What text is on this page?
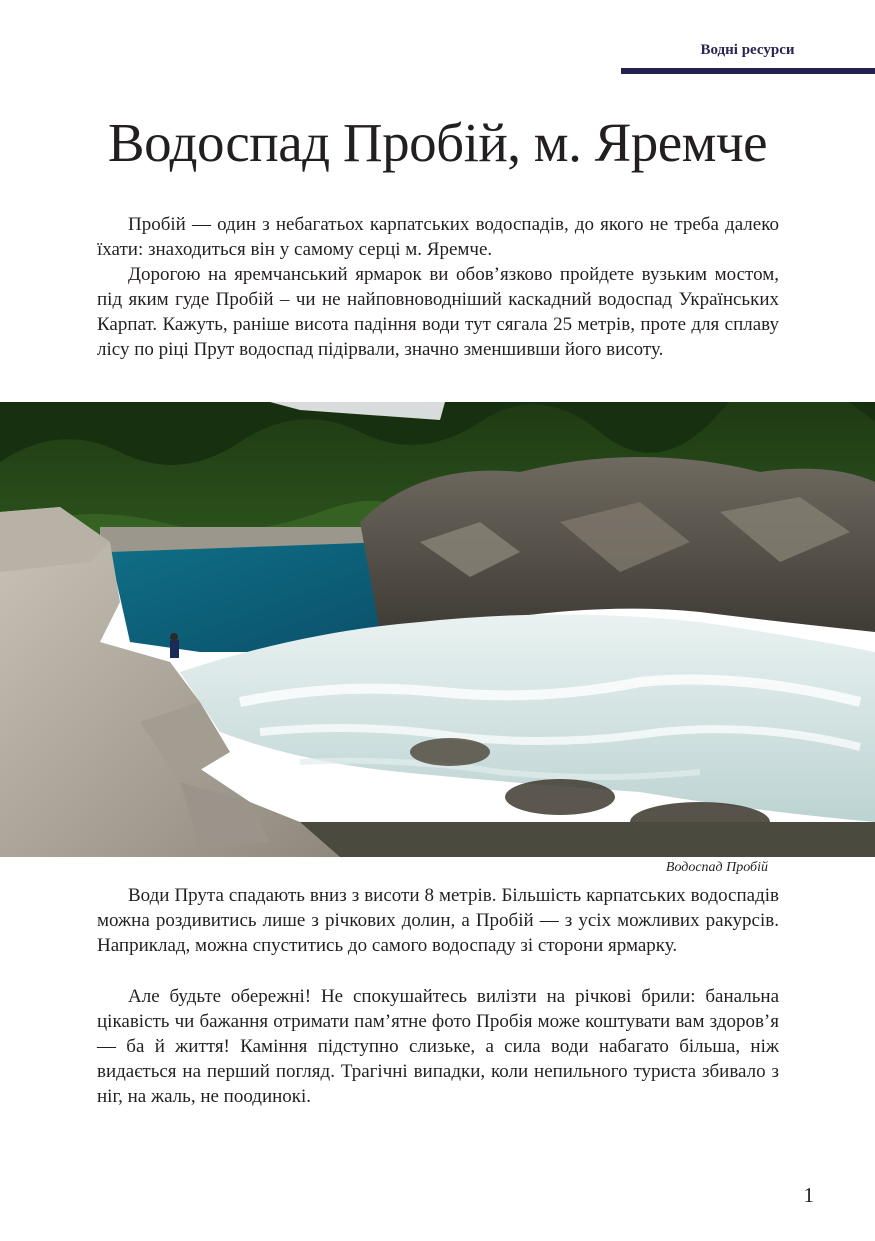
Водні ресурси
Водоспад Пробій, м. Яремче

Пробій — один з небагатьох карпатських водоспадів, до якого не треба далеко їхати: знаходиться він у самому серці м. Яремче.

Дорогою на яремчанський ярмарок ви обов’язково пройдете вузьким мостом, під яким гуде Пробій – чи не найповноводніший каскадний водоспад Українських Карпат. Кажуть, раніше висота падіння води тут сягала 25 метрів, проте для сплаву лісу по ріці Прут водоспад підірвали, значно зменшивши його висоту.

Водоспад Пробій

Води Прута спадають вниз з висоти 8 метрів. Більшість карпатських водоспадів можна роздивитись лише з річкових долин, а Пробій — з усіх можливих ракурсів. Наприклад, можна спуститись до самого водоспаду зі сторони ярмарку.

Але будьте обережні! Не спокушайтесь вилізти на річкові брили: банальна цікавість чи бажання отримати пам’ятне фото Пробія може коштувати вам здоров’я — ба й життя! Каміння підступно слизьке, а сила води набагато більша, ніж видається на перший погляд. Трагічні випадки, коли непильного туриста збивало з ніг, на жаль, не поодинокі.

1
